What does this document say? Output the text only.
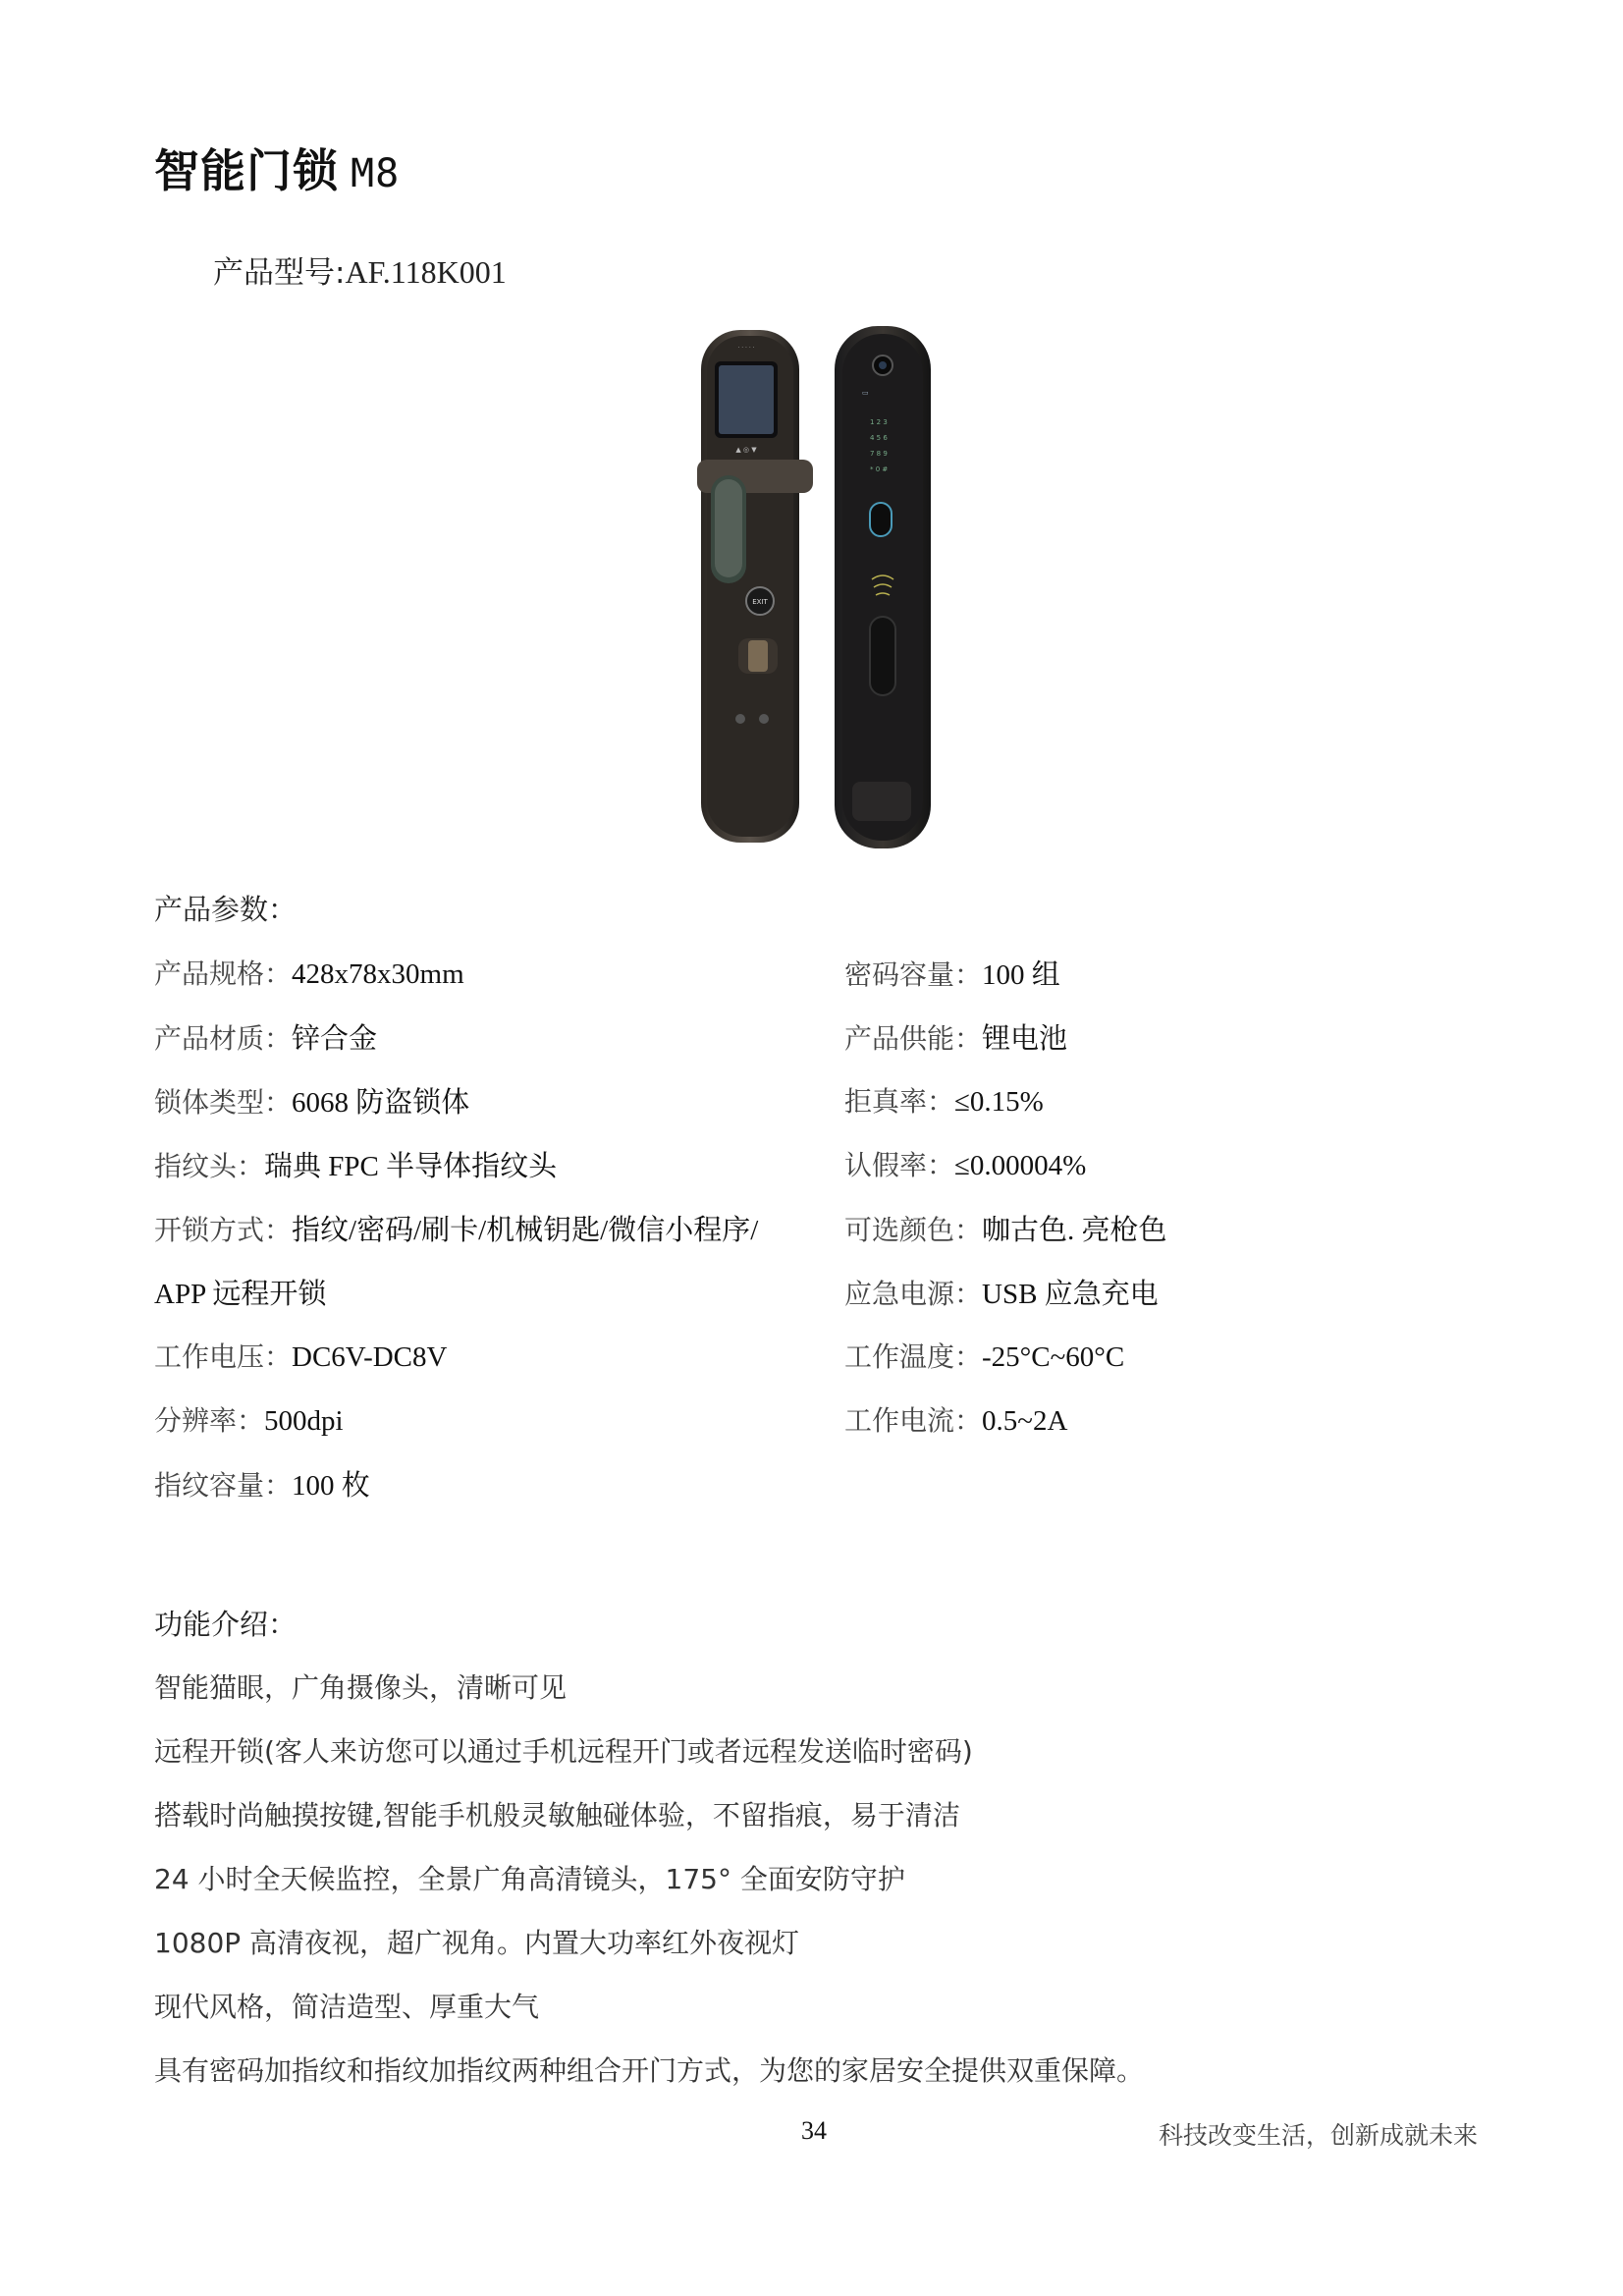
智能门锁 M8
产品型号:AF.118K001
· · · · ·
▲ ◎ ▼
EXIT
▭
1 2 3
4 5 6
7 8 9
* 0 #
产品参数：
产品规格：428x78x30mm
产品材质：锌合金
锁体类型：6068 防盗锁体
指纹头：瑞典 FPC 半导体指纹头
开锁方式：指纹/密码/刷卡/机械钥匙/微信小程序/
APP 远程开锁
工作电压：DC6V-DC8V
分辨率：500dpi
指纹容量：100 枚
密码容量：100 组
产品供能：锂电池
拒真率：≤0.15%
认假率：≤0.00004%
可选颜色：咖古色. 亮枪色
应急电源：USB 应急充电
工作温度：-25°C~60°C
工作电流：0.5~2A
功能介绍：
智能猫眼，广角摄像头，清晰可见
远程开锁(客人来访您可以通过手机远程开门或者远程发送临时密码)
搭载时尚触摸按键,智能手机般灵敏触碰体验，不留指痕，易于清洁
24 小时全天候监控，全景广角高清镜头，175° 全面安防守护
1080P 高清夜视，超广视角。内置大功率红外夜视灯
现代风格，简洁造型、厚重大气
具有密码加指纹和指纹加指纹两种组合开门方式，为您的家居安全提供双重保障。
34	科技改变生活，创新成就未来
